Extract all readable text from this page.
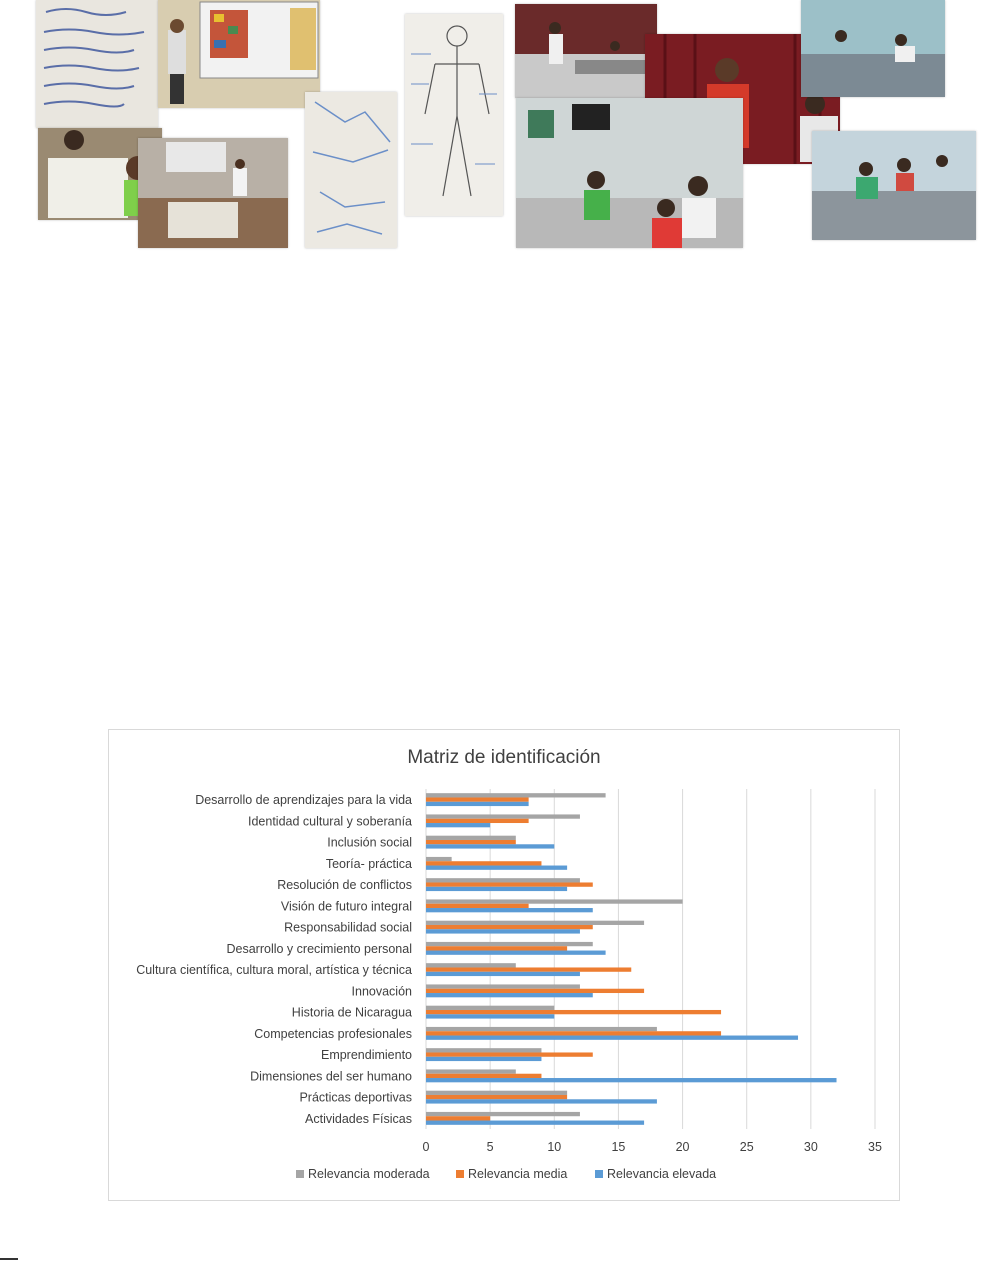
Matriz de identificación
0	5	10	15	20	25	30	35
Desarrollo de aprendizajes para la vida
Identidad cultural y soberanía
Inclusión social
Teoría- práctica
Resolución de conflictos
Visión de futuro integral
Responsabilidad social
Desarrollo y crecimiento personal
Cultura científica, cultura moral, artística y técnica
Innovación
Historia de Nicaragua
Competencias profesionales
Emprendimiento
Dimensiones del ser humano
Prácticas deportivas
Actividades Físicas
Relevancia moderada	Relevancia media	Relevancia elevada
